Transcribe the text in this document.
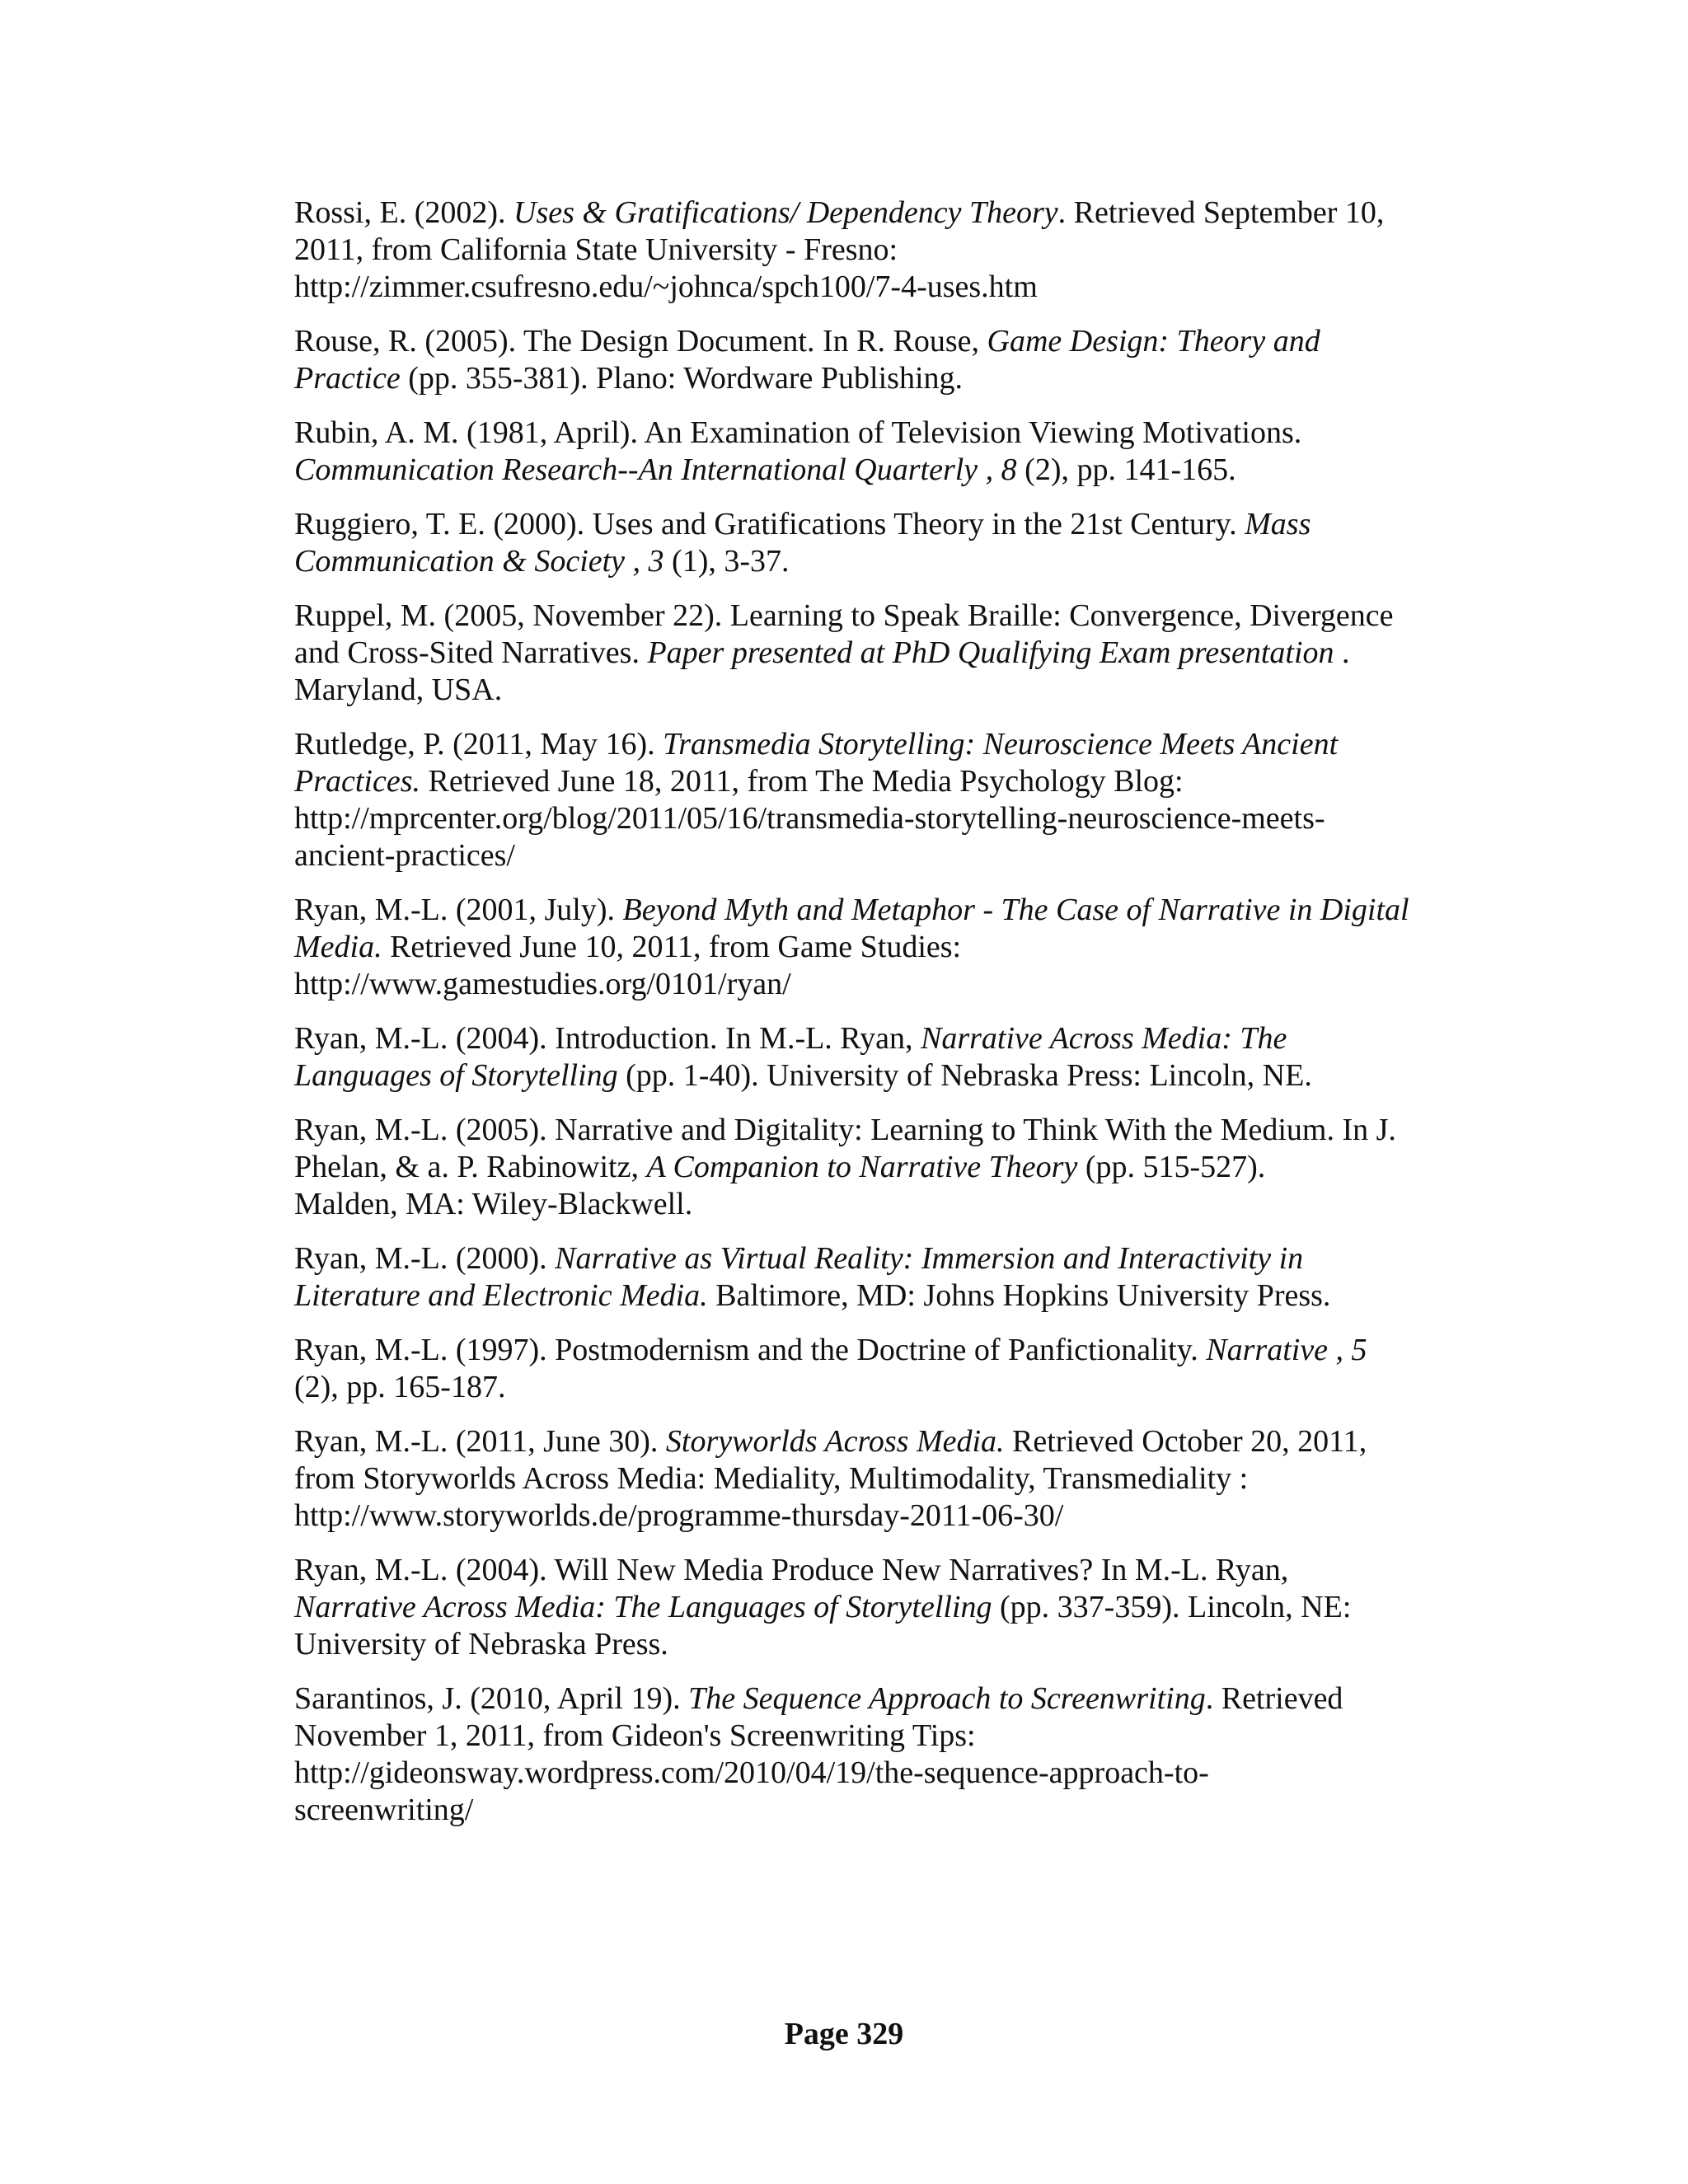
Rossi, E. (2002). Uses & Gratifications/ Dependency Theory. Retrieved September 10,
2011, from California State University - Fresno:
http://zimmer.csufresno.edu/~johnca/spch100/7-4-uses.htm
Rouse, R. (2005). The Design Document. In R. Rouse, Game Design: Theory and
Practice (pp. 355-381). Plano: Wordware Publishing.
Rubin, A. M. (1981, April). An Examination of Television Viewing Motivations.
Communication Research--An International Quarterly , 8 (2), pp. 141-165.
Ruggiero, T. E. (2000). Uses and Gratifications Theory in the 21st Century. Mass
Communication & Society , 3 (1), 3-37.
Ruppel, M. (2005, November 22). Learning to Speak Braille: Convergence, Divergence
and Cross-Sited Narratives. Paper presented at PhD Qualifying Exam presentation .
Maryland, USA.
Rutledge, P. (2011, May 16). Transmedia Storytelling: Neuroscience Meets Ancient
Practices. Retrieved June 18, 2011, from The Media Psychology Blog:
http://mprcenter.org/blog/2011/05/16/transmedia-storytelling-neuroscience-meets-
ancient-practices/
Ryan, M.-L. (2001, July). Beyond Myth and Metaphor - The Case of Narrative in Digital
Media. Retrieved June 10, 2011, from Game Studies:
http://www.gamestudies.org/0101/ryan/
Ryan, M.-L. (2004). Introduction. In M.-L. Ryan, Narrative Across Media: The
Languages of Storytelling (pp. 1-40). University of Nebraska Press: Lincoln, NE.
Ryan, M.-L. (2005). Narrative and Digitality: Learning to Think With the Medium. In J.
Phelan, & a. P. Rabinowitz, A Companion to Narrative Theory (pp. 515-527).
Malden, MA: Wiley-Blackwell.
Ryan, M.-L. (2000). Narrative as Virtual Reality: Immersion and Interactivity in
Literature and Electronic Media. Baltimore, MD: Johns Hopkins University Press.
Ryan, M.-L. (1997). Postmodernism and the Doctrine of Panfictionality. Narrative , 5
(2), pp. 165-187.
Ryan, M.-L. (2011, June 30). Storyworlds Across Media. Retrieved October 20, 2011,
from Storyworlds Across Media: Mediality, Multimodality, Transmediality :
http://www.storyworlds.de/programme-thursday-2011-06-30/
Ryan, M.-L. (2004). Will New Media Produce New Narratives? In M.-L. Ryan,
Narrative Across Media: The Languages of Storytelling (pp. 337-359). Lincoln, NE:
University of Nebraska Press.
Sarantinos, J. (2010, April 19). The Sequence Approach to Screenwriting. Retrieved
November 1, 2011, from Gideon's Screenwriting Tips:
http://gideonsway.wordpress.com/2010/04/19/the-sequence-approach-to-
screenwriting/
Page 329
